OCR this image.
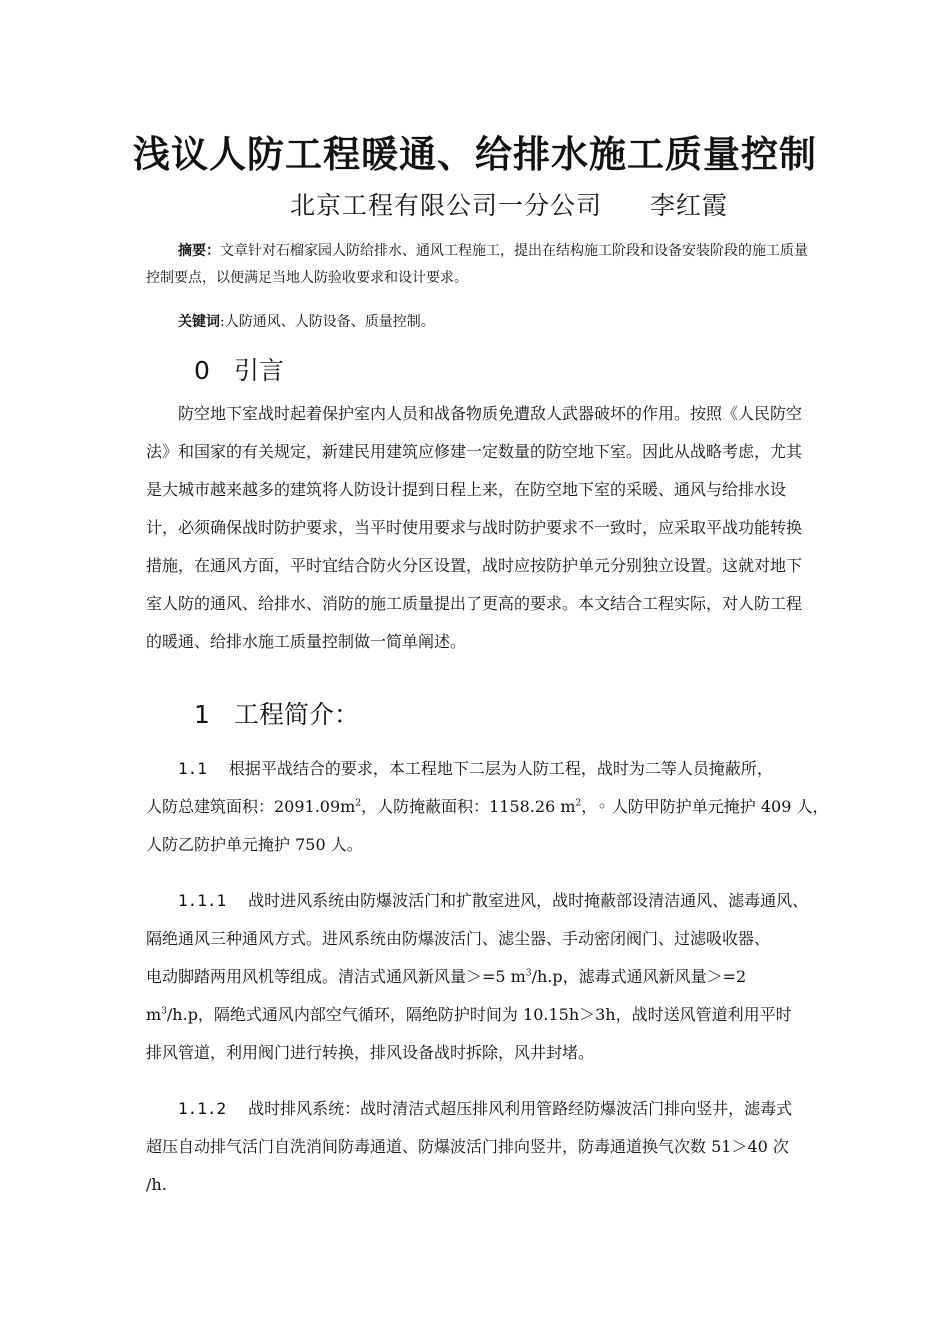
浅议人防工程暖通、给排水施工质量控制
北京工程有限公司一分公司 李红霞
摘要：文章针对石榴家园人防给排水、通风工程施工，提出在结构施工阶段和设备安装阶段的施工质量控制要点，以便满足当地人防验收要求和设计要求。
关键词:人防通风、人防设备、质量控制。
0 引言
防空地下室战时起着保护室内人员和战备物质免遭敌人武器破坏的作用。按照《人民防空法》和国家的有关规定，新建民用建筑应修建一定数量的防空地下室。因此从战略考虑，尤其是大城市越来越多的建筑将人防设计提到日程上来，在防空地下室的采暖、通风与给排水设计，必须确保战时防护要求，当平时使用要求与战时防护要求不一致时，应采取平战功能转换措施，在通风方面，平时宜结合防火分区设置，战时应按防护单元分别独立设置。这就对地下室人防的通风、给排水、消防的施工质量提出了更高的要求。本文结合工程实际，对人防工程的暖通、给排水施工质量控制做一简单阐述。
1 工程简介：
1.1 根据平战结合的要求，本工程地下二层为人防工程，战时为二等人员掩蔽所，
人防总建筑面积：$2091.09m^2$，人防掩蔽面积：1158.26 $m^2$，◦ 人防甲防护单元掩护 409 人，
人防乙防护单元掩护 750 人。
1.1.1 战时进风系统由防爆波活门和扩散室进风，战时掩蔽部设清洁通风、滤毒通风、
隔绝通风三种通风方式。进风系统由防爆波活门、滤尘器、手动密闭阀门、过滤吸收器、
电动脚踏两用风机等组成。清洁式通风新风量＞=5 $m^3/h.p$，滤毒式通风新风量＞=2
$m^3/h.p$，隔绝式通风内部空气循环，隔绝防护时间为 10.15h＞3h，战时送风管道利用平时
排风管道，利用阀门进行转换，排风设备战时拆除，风井封堵。
1.1.2 战时排风系统：战时清洁式超压排风利用管路经防爆波活门排向竖井，滤毒式
超压自动排气活门自洗消间防毒通道、防爆波活门排向竖井，防毒通道换气次数 51＞40 次
/h.
